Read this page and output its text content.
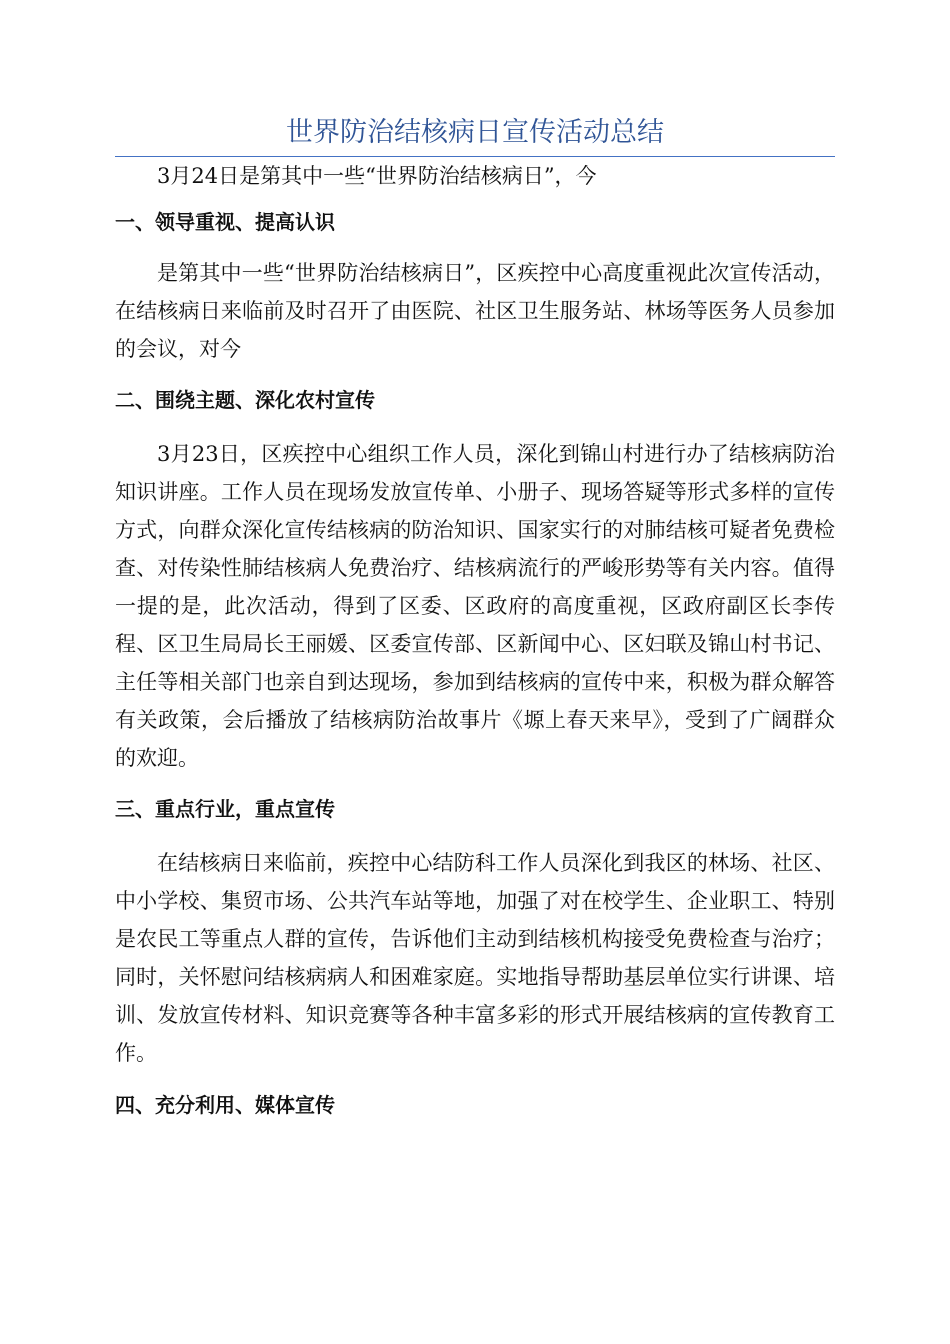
世界防治结核病日宣传活动总结

3月24日是第其中一些“世界防治结核病日”，今

一、领导重视、提高认识

是第其中一些“世界防治结核病日”，区疾控中心高度重视此次宣传活动，在结核病日来临前及时召开了由医院、社区卫生服务站、林场等医务人员参加的会议，对今

二、围绕主题、深化农村宣传

3月23日，区疾控中心组织工作人员，深化到锦山村进行办了结核病防治知识讲座。工作人员在现场发放宣传单、小册子、现场答疑等形式多样的宣传方式，向群众深化宣传结核病的防治知识、国家实行的对肺结核可疑者免费检查、对传染性肺结核病人免费治疗、结核病流行的严峻形势等有关内容。值得一提的是，此次活动，得到了区委、区政府的高度重视，区政府副区长李传程、区卫生局局长王丽媛、区委宣传部、区新闻中心、区妇联及锦山村书记、主任等相关部门也亲自到达现场，参加到结核病的宣传中来，积极为群众解答有关政策，会后播放了结核病防治故事片《塬上春天来早》，受到了广阔群众的欢迎。

三、重点行业，重点宣传

在结核病日来临前，疾控中心结防科工作人员深化到我区的林场、社区、中小学校、集贸市场、公共汽车站等地，加强了对在校学生、企业职工、特别是农民工等重点人群的宣传，告诉他们主动到结核机构接受免费检查与治疗；同时，关怀慰问结核病病人和困难家庭。实地指导帮助基层单位实行讲课、培训、发放宣传材料、知识竞赛等各种丰富多彩的形式开展结核病的宣传教育工作。

四、充分利用、媒体宣传
